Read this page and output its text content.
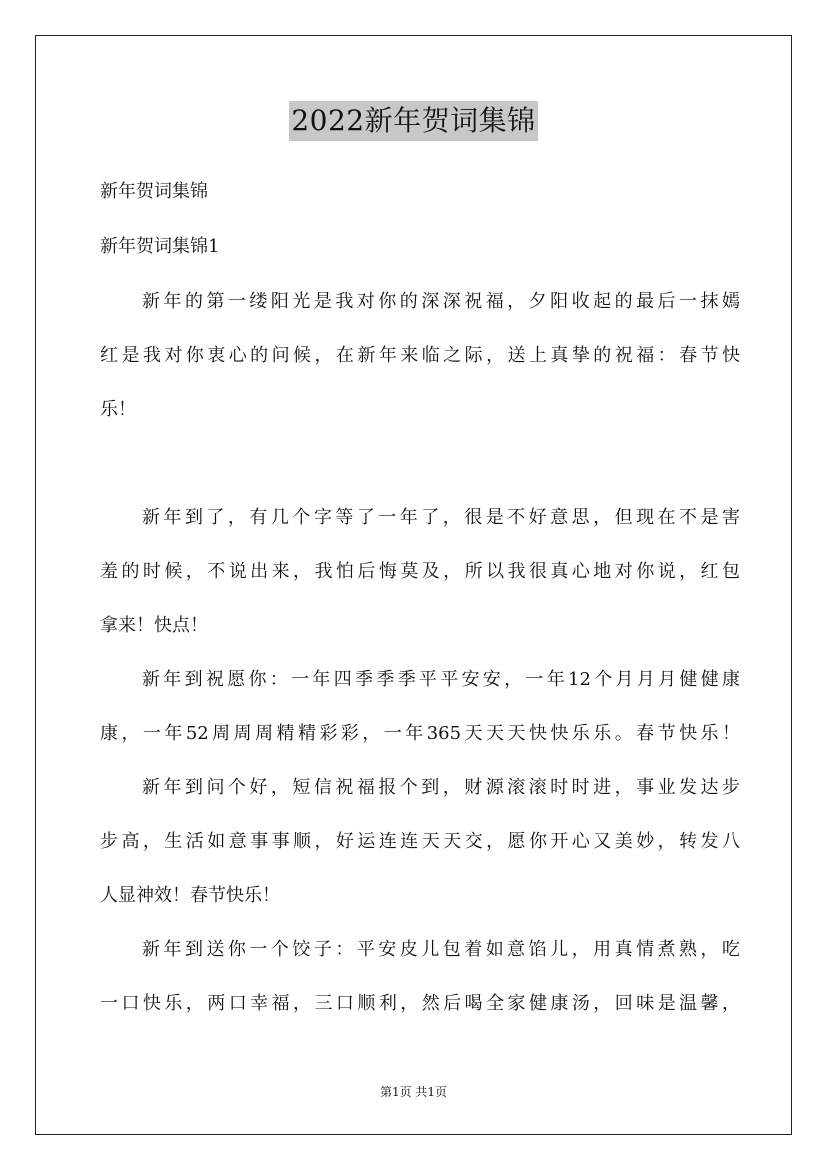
2022新年贺词集锦
新年贺词集锦
新年贺词集锦1
新年的第一缕阳光是我对你的深深祝福，夕阳收起的最后一抹嫣
红是我对你衷心的问候，在新年来临之际，送上真挚的祝福：春节快
乐！
新年到了，有几个字等了一年了，很是不好意思，但现在不是害
羞的时候，不说出来，我怕后悔莫及，所以我很真心地对你说，红包
拿来！快点！
新年到祝愿你：一年四季季季平平安安，一年12个月月月健健康
康，一年52周周周精精彩彩，一年365天天天快快乐乐。春节快乐！
新年到问个好，短信祝福报个到，财源滚滚时时进，事业发达步
步高，生活如意事事顺，好运连连天天交，愿你开心又美妙，转发八
人显神效！春节快乐！
新年到送你一个饺子：平安皮儿包着如意馅儿，用真情煮熟，吃
一口快乐，两口幸福，三口顺利，然后喝全家健康汤，回味是温馨，
第1页 共1页
